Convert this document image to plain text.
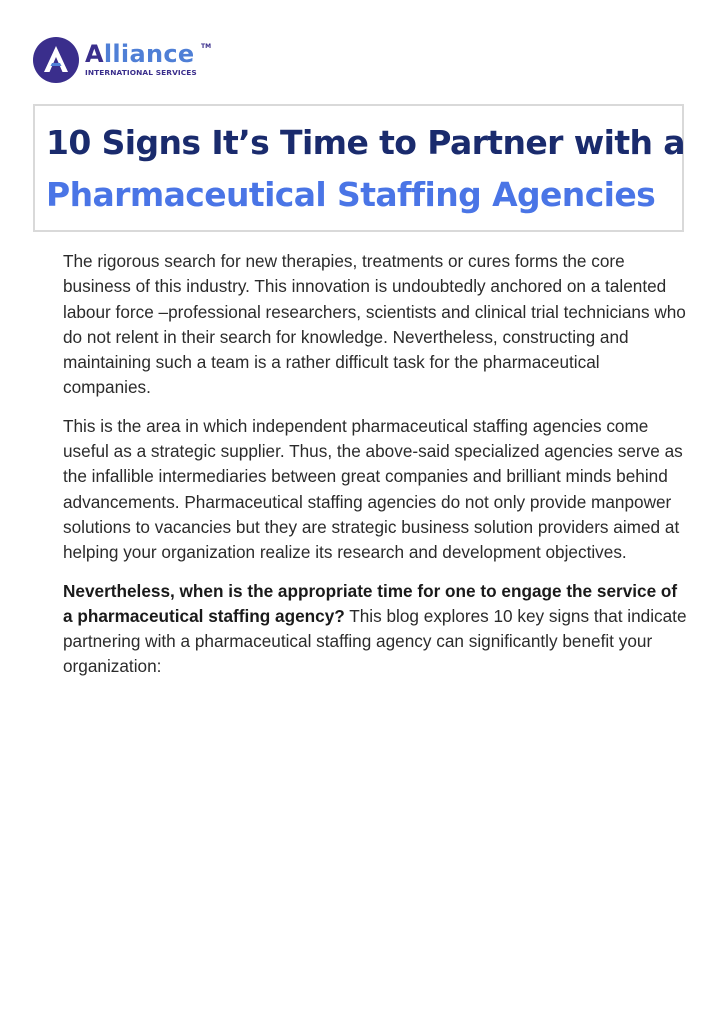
Alliance TM
INTERNATIONAL SERVICES
10 Signs It’s Time to Partner with a
Pharmaceutical Staffing Agencies

The rigorous search for new therapies, treatments or cures forms the core business of this industry. This innovation is undoubtedly anchored on a talented labour force –professional researchers, scientists and clinical trial technicians who do not relent in their search for knowledge. Nevertheless, constructing and maintaining such a team is a rather difficult task for the pharmaceutical companies.

This is the area in which independent pharmaceutical staffing agencies come useful as a strategic supplier. Thus, the above-said specialized agencies serve as the infallible intermediaries between great companies and brilliant minds behind advancements. Pharmaceutical staffing agencies do not only provide manpower solutions to vacancies but they are strategic business solution providers aimed at helping your organization realize its research and development objectives.

Nevertheless, when is the appropriate time for one to engage the service of a pharmaceutical staffing agency? This blog explores 10 key signs that indicate partnering with a pharmaceutical staffing agency can significantly benefit your organization:
